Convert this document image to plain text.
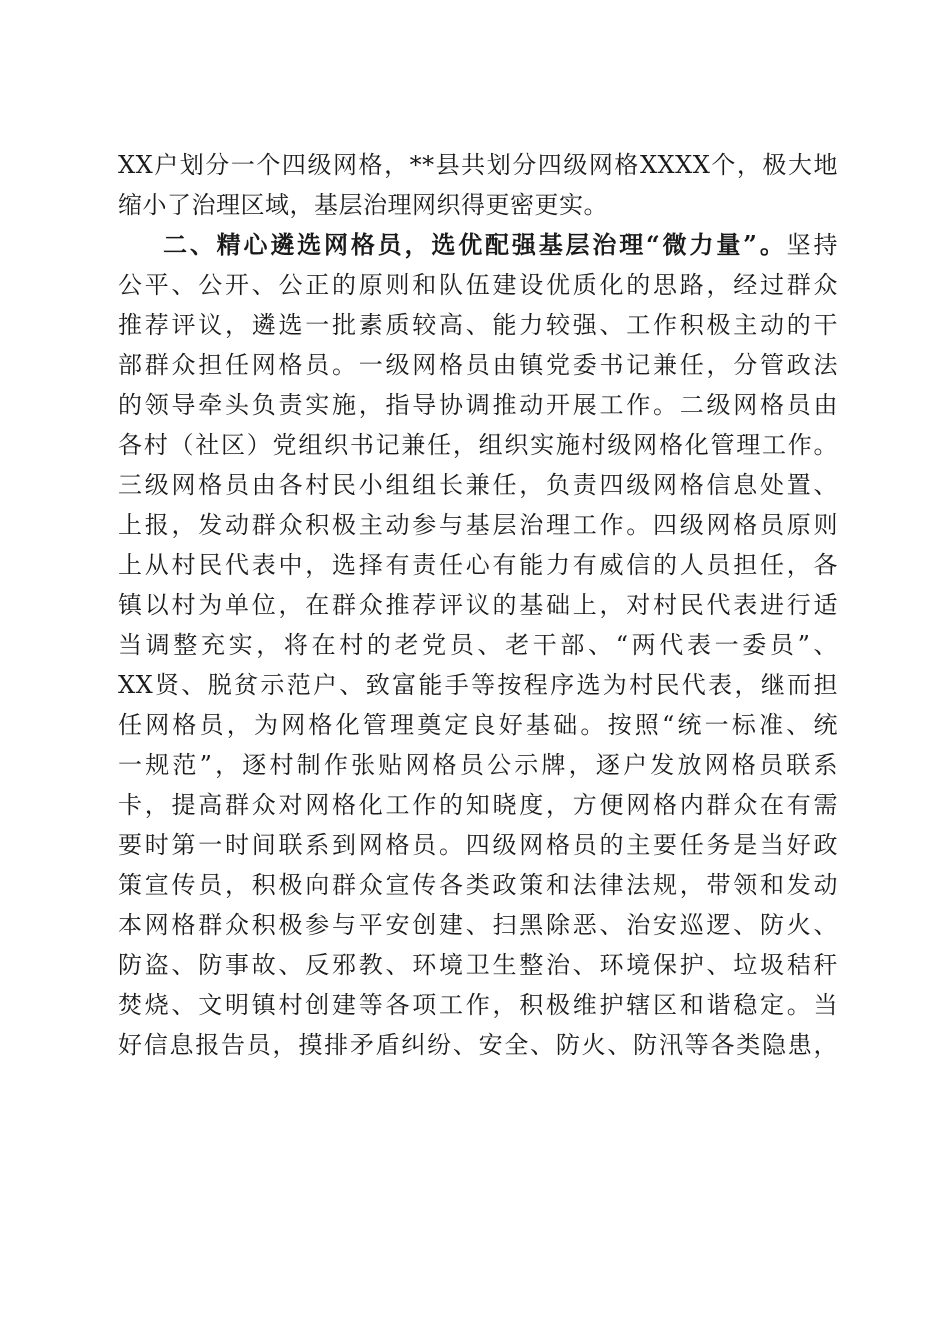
XX户划分一个四级网格，**县共划分四级网格XXXX个，极大地
缩小了治理区域，基层治理网织得更密更实。
二、精心遴选网格员，选优配强基层治理“微力量”。坚持
公平、公开、公正的原则和队伍建设优质化的思路，经过群众
推荐评议，遴选一批素质较高、能力较强、工作积极主动的干
部群众担任网格员。一级网格员由镇党委书记兼任，分管政法
的领导牵头负责实施，指导协调推动开展工作。二级网格员由
各村（社区）党组织书记兼任，组织实施村级网格化管理工作。
三级网格员由各村民小组组长兼任，负责四级网格信息处置、
上报，发动群众积极主动参与基层治理工作。四级网格员原则
上从村民代表中，选择有责任心有能力有威信的人员担任，各
镇以村为单位，在群众推荐评议的基础上，对村民代表进行适
当调整充实，将在村的老党员、老干部、“两代表一委员”、
XX贤、脱贫示范户、致富能手等按程序选为村民代表，继而担
任网格员，为网格化管理奠定良好基础。按照“统一标准、统
一规范”，逐村制作张贴网格员公示牌，逐户发放网格员联系
卡，提高群众对网格化工作的知晓度，方便网格内群众在有需
要时第一时间联系到网格员。四级网格员的主要任务是当好政
策宣传员，积极向群众宣传各类政策和法律法规，带领和发动
本网格群众积极参与平安创建、扫黑除恶、治安巡逻、防火、
防盗、防事故、反邪教、环境卫生整治、环境保护、垃圾秸秆
焚烧、文明镇村创建等各项工作，积极维护辖区和谐稳定。当
好信息报告员，摸排矛盾纠纷、安全、防火、防汛等各类隐患，
